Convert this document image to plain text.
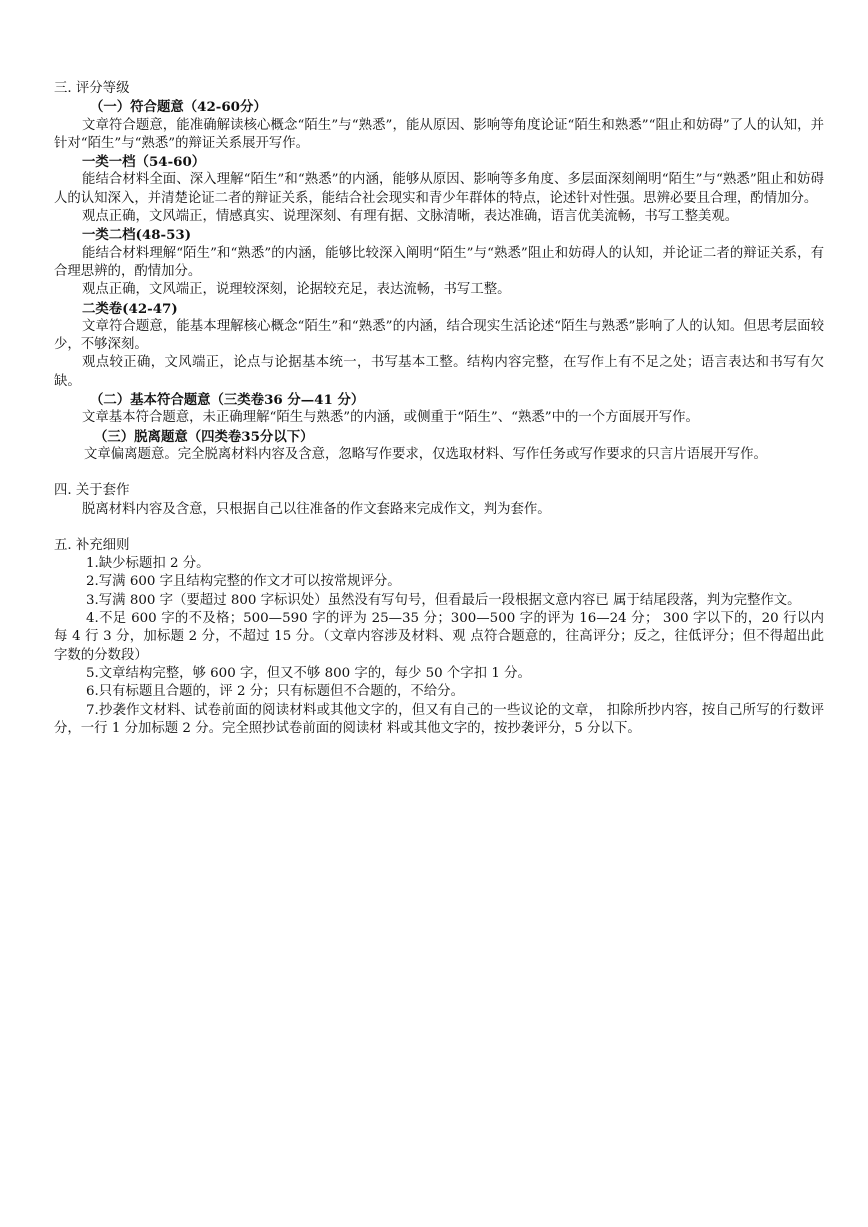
三. 评分等级

（一）符合题意（42-60分）

文章符合题意，能准确解读核心概念“陌生”与“熟悉”，能从原因、影响等角度论证“陌生和熟悉”“阻止和妨碍”了人的认知，并针对“陌生”与“熟悉”的辩证关系展开写作。

一类一档（54-60）

能结合材料全面、深入理解“陌生”和“熟悉”的内涵，能够从原因、影响等多角度、多层面深刻阐明“陌生”与“熟悉”阻止和妨碍人的认知深入，并清楚论证二者的辩证关系，能结合社会现实和青少年群体的特点，论述针对性强。思辨必要且合理，酌情加分。

观点正确，文风端正，情感真实、说理深刻、有理有据、文脉清晰，表达准确，语言优美流畅，书写工整美观。

一类二档(48-53)

能结合材料理解“陌生”和“熟悉”的内涵，能够比较深入阐明“陌生”与“熟悉”阻止和妨碍人的认知，并论证二者的辩证关系，有合理思辨的，酌情加分。

观点正确，文风端正，说理较深刻，论据较充足，表达流畅，书写工整。

二类卷(42-47)

文章符合题意，能基本理解核心概念“陌生”和“熟悉”的内涵，结合现实生活论述“陌生与熟悉”影响了人的认知。但思考层面较少，不够深刻。

观点较正确，文风端正，论点与论据基本统一，书写基本工整。结构内容完整，在写作上有不足之处；语言表达和书写有欠缺。

（二）基本符合题意（三类卷36 分—41 分）

文章基本符合题意，未正确理解“陌生与熟悉”的内涵，或侧重于“陌生”、“熟悉”中的一个方面展开写作。

（三）脱离题意（四类卷35分以下）

文章偏离题意。完全脱离材料内容及含意，忽略写作要求，仅选取材料、写作任务或写作要求的只言片语展开写作。

四. 关于套作

脱离材料内容及含意，只根据自己以往准备的作文套路来完成作文，判为套作。

五. 补充细则

1.缺少标题扣 2 分。

2.写满 600 字且结构完整的作文才可以按常规评分。

3.写满 800 字（要超过 800 字标识处）虽然没有写句号，但看最后一段根据文意内容已 属于结尾段落，判为完整作文。

4.不足 600 字的不及格；500—590 字的评为 25—35 分；300—500 字的评为 16—24 分； 300 字以下的，20 行以内每 4 行 3 分，加标题 2 分，不超过 15 分。（文章内容涉及材料、观 点符合题意的，往高评分；反之，往低评分；但不得超出此字数的分数段）

5.文章结构完整，够 600 字，但又不够 800 字的，每少 50 个字扣 1 分。

6.只有标题且合题的，评 2 分；只有标题但不合题的，不给分。

7.抄袭作文材料、试卷前面的阅读材料或其他文字的，但又有自己的一些议论的文章， 扣除所抄内容，按自己所写的行数评分，一行 1 分加标题 2 分。完全照抄试卷前面的阅读材 料或其他文字的，按抄袭评分，5 分以下。
